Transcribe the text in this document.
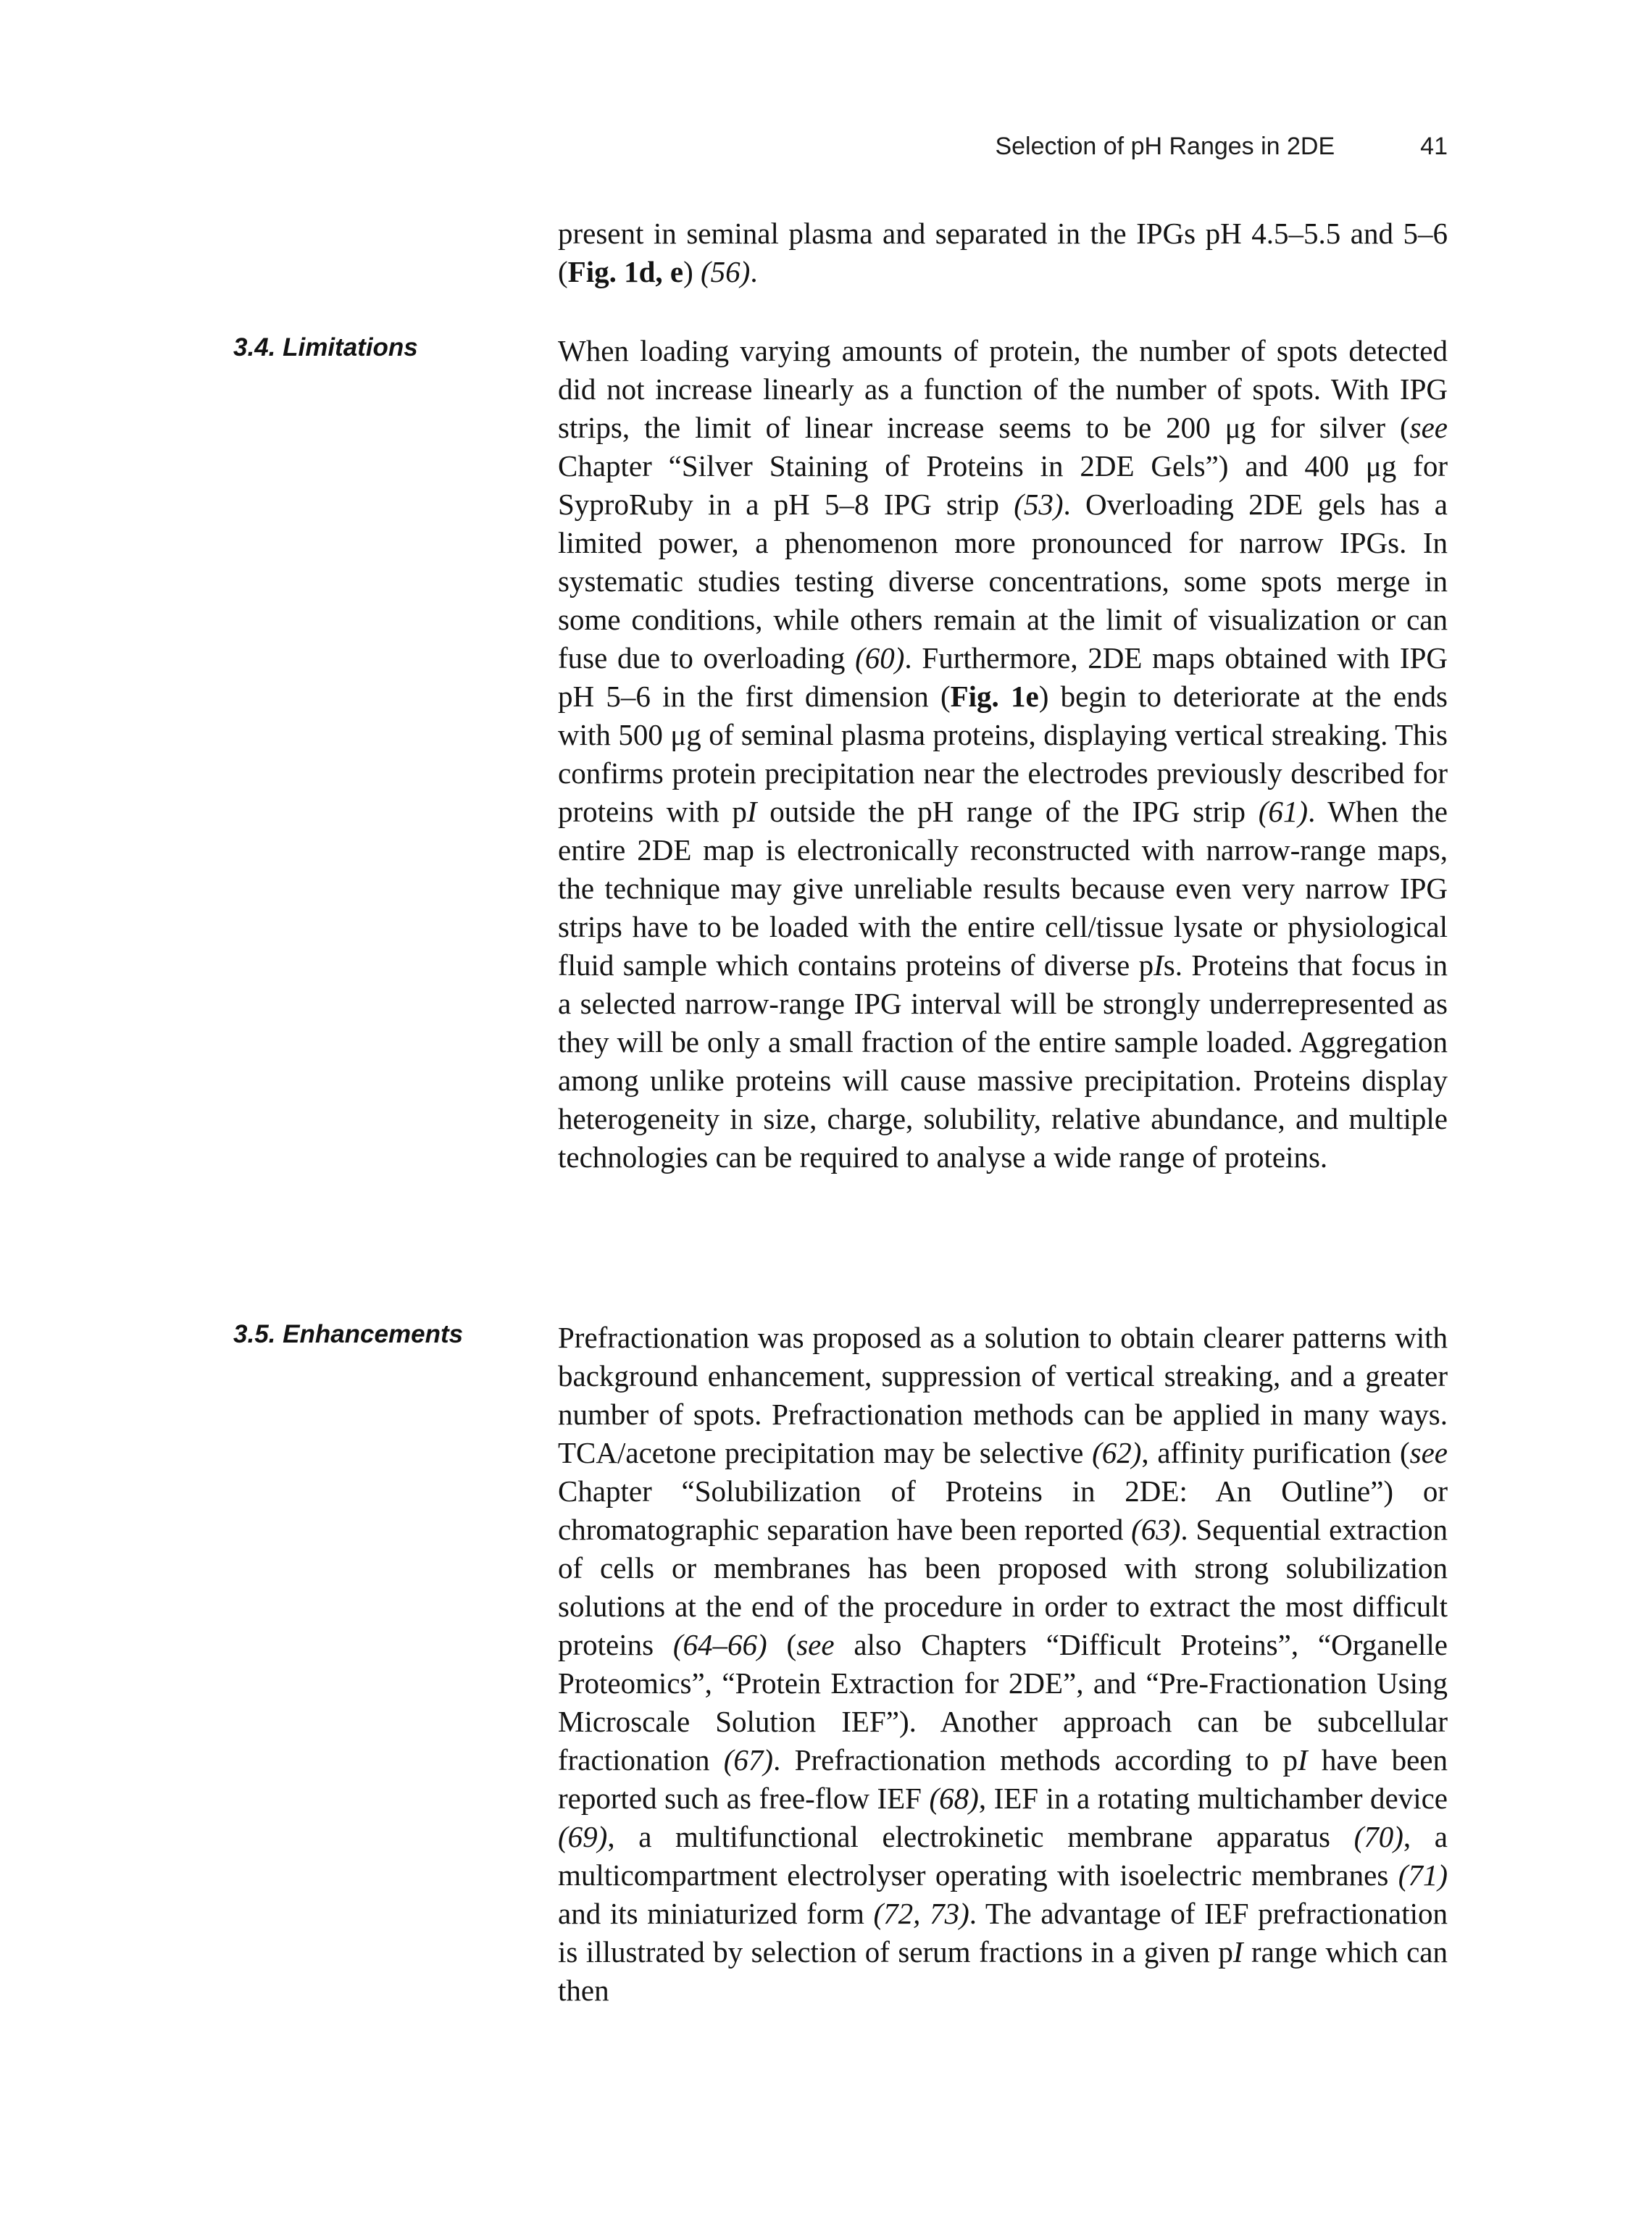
Selection of pH Ranges in 2DE	41
present in seminal plasma and separated in the IPGs pH 4.5–5.5 and 5–6 (Fig. 1d, e) (56).
3.4. Limitations	When loading varying amounts of protein, the number of spots detected did not increase linearly as a function of the number of spots. With IPG strips, the limit of linear increase seems to be 200 μg for silver (see Chapter “Silver Staining of Proteins in 2DE Gels”) and 400 μg for SyproRuby in a pH 5–8 IPG strip (53). Overloading 2DE gels has a limited power, a phenomenon more pronounced for narrow IPGs. In systematic studies testing diverse concentrations, some spots merge in some conditions, while others remain at the limit of visualization or can fuse due to overloading (60). Furthermore, 2DE maps obtained with IPG pH 5–6 in the first dimension (Fig. 1e) begin to deteriorate at the ends with 500 μg of seminal plasma proteins, displaying vertical streaking. This confirms protein precipitation near the electrodes previously described for proteins with pI outside the pH range of the IPG strip (61). When the entire 2DE map is electronically reconstructed with narrow-range maps, the technique may give unreliable results because even very narrow IPG strips have to be loaded with the entire cell/tissue lysate or physiological fluid sample which contains proteins of diverse pIs. Proteins that focus in a selected narrow-range IPG interval will be strongly underrepresented as they will be only a small fraction of the entire sample loaded. Aggregation among unlike proteins will cause massive precipitation. Proteins display heterogeneity in size, charge, solubility, relative abundance, and multiple technologies can be required to analyse a wide range of proteins.
3.5. Enhancements	Prefractionation was proposed as a solution to obtain clearer patterns with background enhancement, suppression of vertical streaking, and a greater number of spots. Prefractionation methods can be applied in many ways. TCA/acetone precipitation may be selective (62), affinity purification (see Chapter “Solubilization of Proteins in 2DE: An Outline”) or chromatographic separation have been reported (63). Sequential extraction of cells or membranes has been proposed with strong solubilization solutions at the end of the procedure in order to extract the most difficult proteins (64–66) (see also Chapters “Difficult Proteins”, “Organelle Proteomics”, “Protein Extraction for 2DE”, and “Pre-Fractionation Using Microscale Solution IEF”). Another approach can be subcellular fractionation (67). Prefractionation methods according to pI have been reported such as free-flow IEF (68), IEF in a rotating multichamber device (69), a multifunctional electrokinetic membrane apparatus (70), a multicompartment electrolyser operating with isoelectric membranes (71) and its miniaturized form (72, 73). The advantage of IEF prefractionation is illustrated by selection of serum fractions in a given pI range which can then
